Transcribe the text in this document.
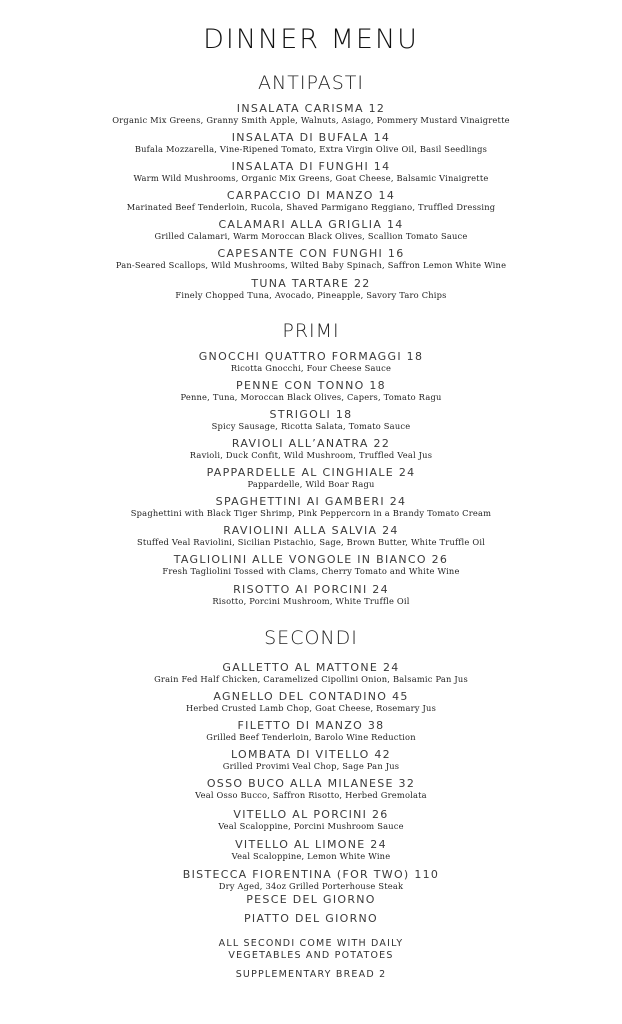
DINNER MENU
ANTIPASTI
INSALATA CARISMA 12
Organic Mix Greens, Granny Smith Apple, Walnuts, Asiago, Pommery Mustard Vinaigrette
INSALATA DI BUFALA 14
Bufala Mozzarella, Vine-Ripened Tomato, Extra Virgin Olive Oil, Basil Seedlings
INSALATA DI FUNGHI 14
Warm Wild Mushrooms, Organic Mix Greens, Goat Cheese, Balsamic Vinaigrette
CARPACCIO DI MANZO 14
Marinated Beef Tenderloin, Rucola, Shaved Parmigano Reggiano, Truffled Dressing
CALAMARI ALLA GRIGLIA 14
Grilled Calamari, Warm Moroccan Black Olives, Scallion Tomato Sauce
CAPESANTE CON FUNGHI 16
Pan-Seared Scallops, Wild Mushrooms, Wilted Baby Spinach, Saffron Lemon White Wine
TUNA TARTARE 22
Finely Chopped Tuna, Avocado, Pineapple, Savory Taro Chips
PRIMI
GNOCCHI QUATTRO FORMAGGI 18
Ricotta Gnocchi, Four Cheese Sauce
PENNE CON TONNO 18
Penne, Tuna, Moroccan Black Olives, Capers, Tomato Ragu
STRIGOLI 18
Spicy Sausage, Ricotta Salata, Tomato Sauce
RAVIOLI ALL’ANATRA 22
Ravioli, Duck Confit, Wild Mushroom, Truffled Veal Jus
PAPPARDELLE AL CINGHIALE 24
Pappardelle, Wild Boar Ragu
SPAGHETTINI AI GAMBERI 24
Spaghettini with Black Tiger Shrimp, Pink Peppercorn in a Brandy Tomato Cream
RAVIOLINI ALLA SALVIA 24
Stuffed Veal Raviolini, Sicilian Pistachio, Sage, Brown Butter, White Truffle Oil
TAGLIOLINI ALLE VONGOLE IN BIANCO 26
Fresh Tagliolini Tossed with Clams, Cherry Tomato and White Wine
RISOTTO AI PORCINI 24
Risotto, Porcini Mushroom, White Truffle Oil
SECONDI
GALLETTO AL MATTONE 24
Grain Fed Half Chicken, Caramelized Cipollini Onion, Balsamic Pan Jus
AGNELLO DEL CONTADINO 45
Herbed Crusted Lamb Chop, Goat Cheese, Rosemary Jus
FILETTO DI MANZO 38
Grilled Beef Tenderloin, Barolo Wine Reduction
LOMBATA DI VITELLO 42
Grilled Provimi Veal Chop, Sage Pan Jus
OSSO BUCO ALLA MILANESE 32
Veal Osso Bucco, Saffron Risotto, Herbed Gremolata
VITELLO AL PORCINI 26
Veal Scaloppine, Porcini Mushroom Sauce
VITELLO AL LIMONE 24
Veal Scaloppine, Lemon White Wine
BISTECCA FIORENTINA (FOR TWO) 110
Dry Aged, 34oz Grilled Porterhouse Steak
PESCE DEL GIORNO
PIATTO DEL GIORNO
ALL SECONDI COME WITH DAILY
VEGETABLES AND POTATOES
SUPPLEMENTARY BREAD 2
